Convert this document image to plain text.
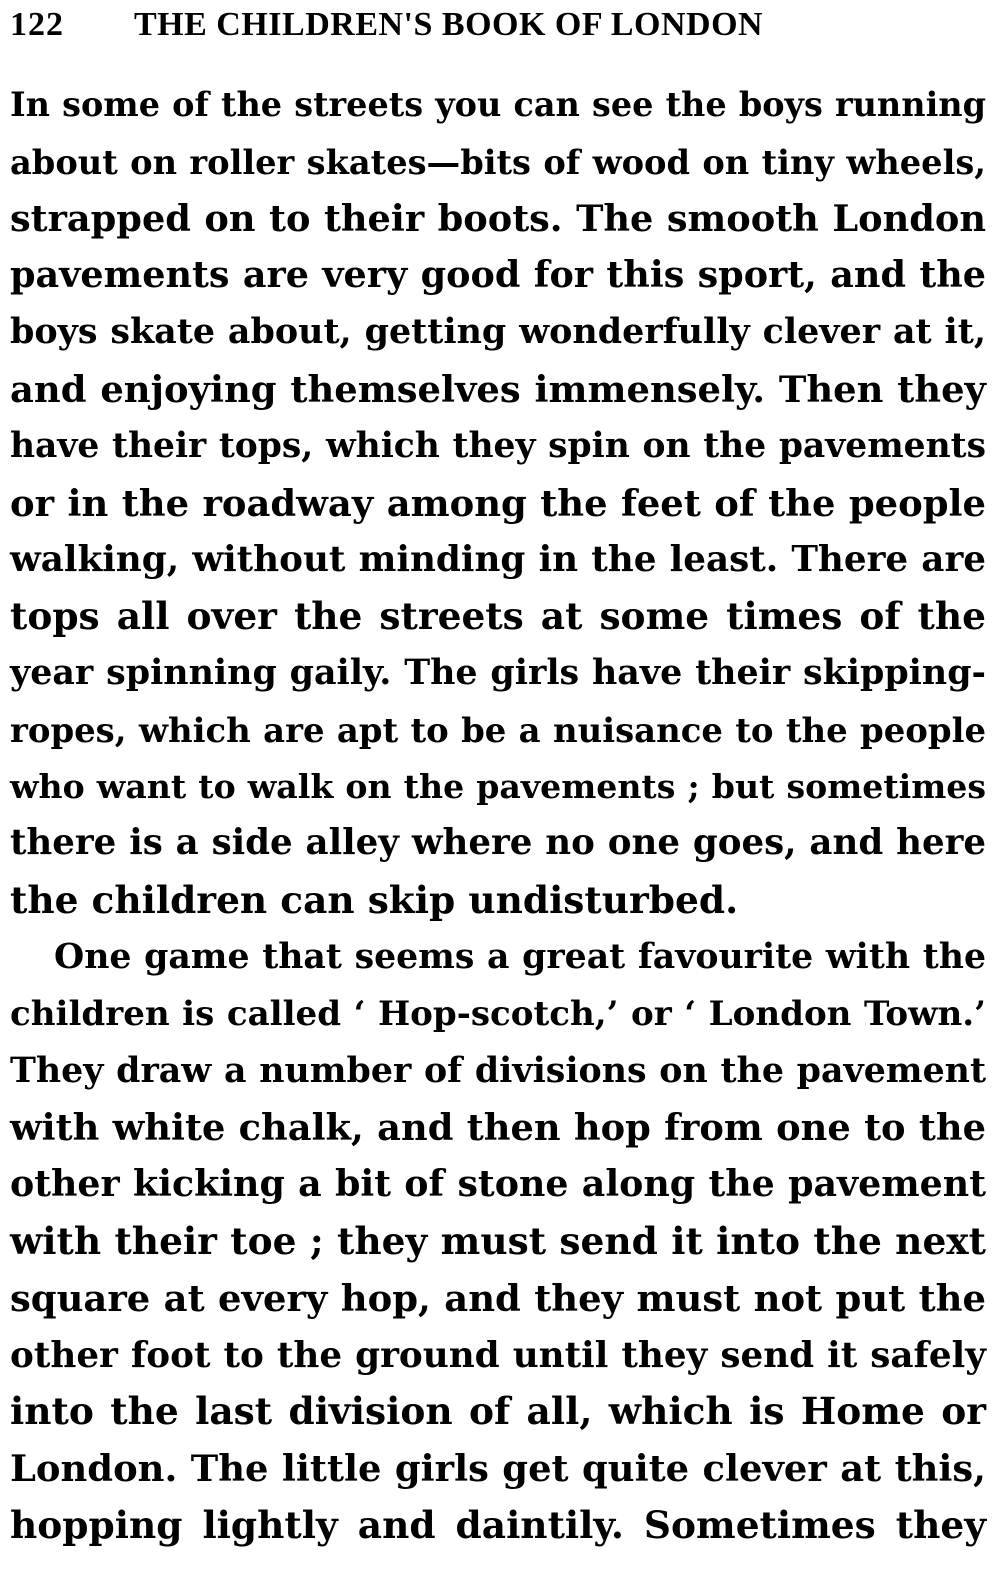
122 THE CHILDREN'S BOOK OF LONDON
In some of the streets you can see the boys running
about on roller skates—bits of wood on tiny wheels,
strapped on to their boots. The smooth London
pavements are very good for this sport, and the
boys skate about, getting wonderfully clever at it,
and enjoying themselves immensely. Then they
have their tops, which they spin on the pavements
or in the roadway among the feet of the people
walking, without minding in the least. There are
tops all over the streets at some times of the
year spinning gaily. The girls have their skipping-
ropes, which are apt to be a nuisance to the people
who want to walk on the pavements ; but sometimes
there is a side alley where no one goes, and here
the children can skip undisturbed.
One game that seems a great favourite with the
children is called ‘ Hop-scotch,’ or ‘ London Town.’
They draw a number of divisions on the pavement
with white chalk, and then hop from one to the
other kicking a bit of stone along the pavement
with their toe ; they must send it into the next
square at every hop, and they must not put the
other foot to the ground until they send it safely
into the last division of all, which is Home or
London. The little girls get quite clever at this,
hopping lightly and daintily. Sometimes they
